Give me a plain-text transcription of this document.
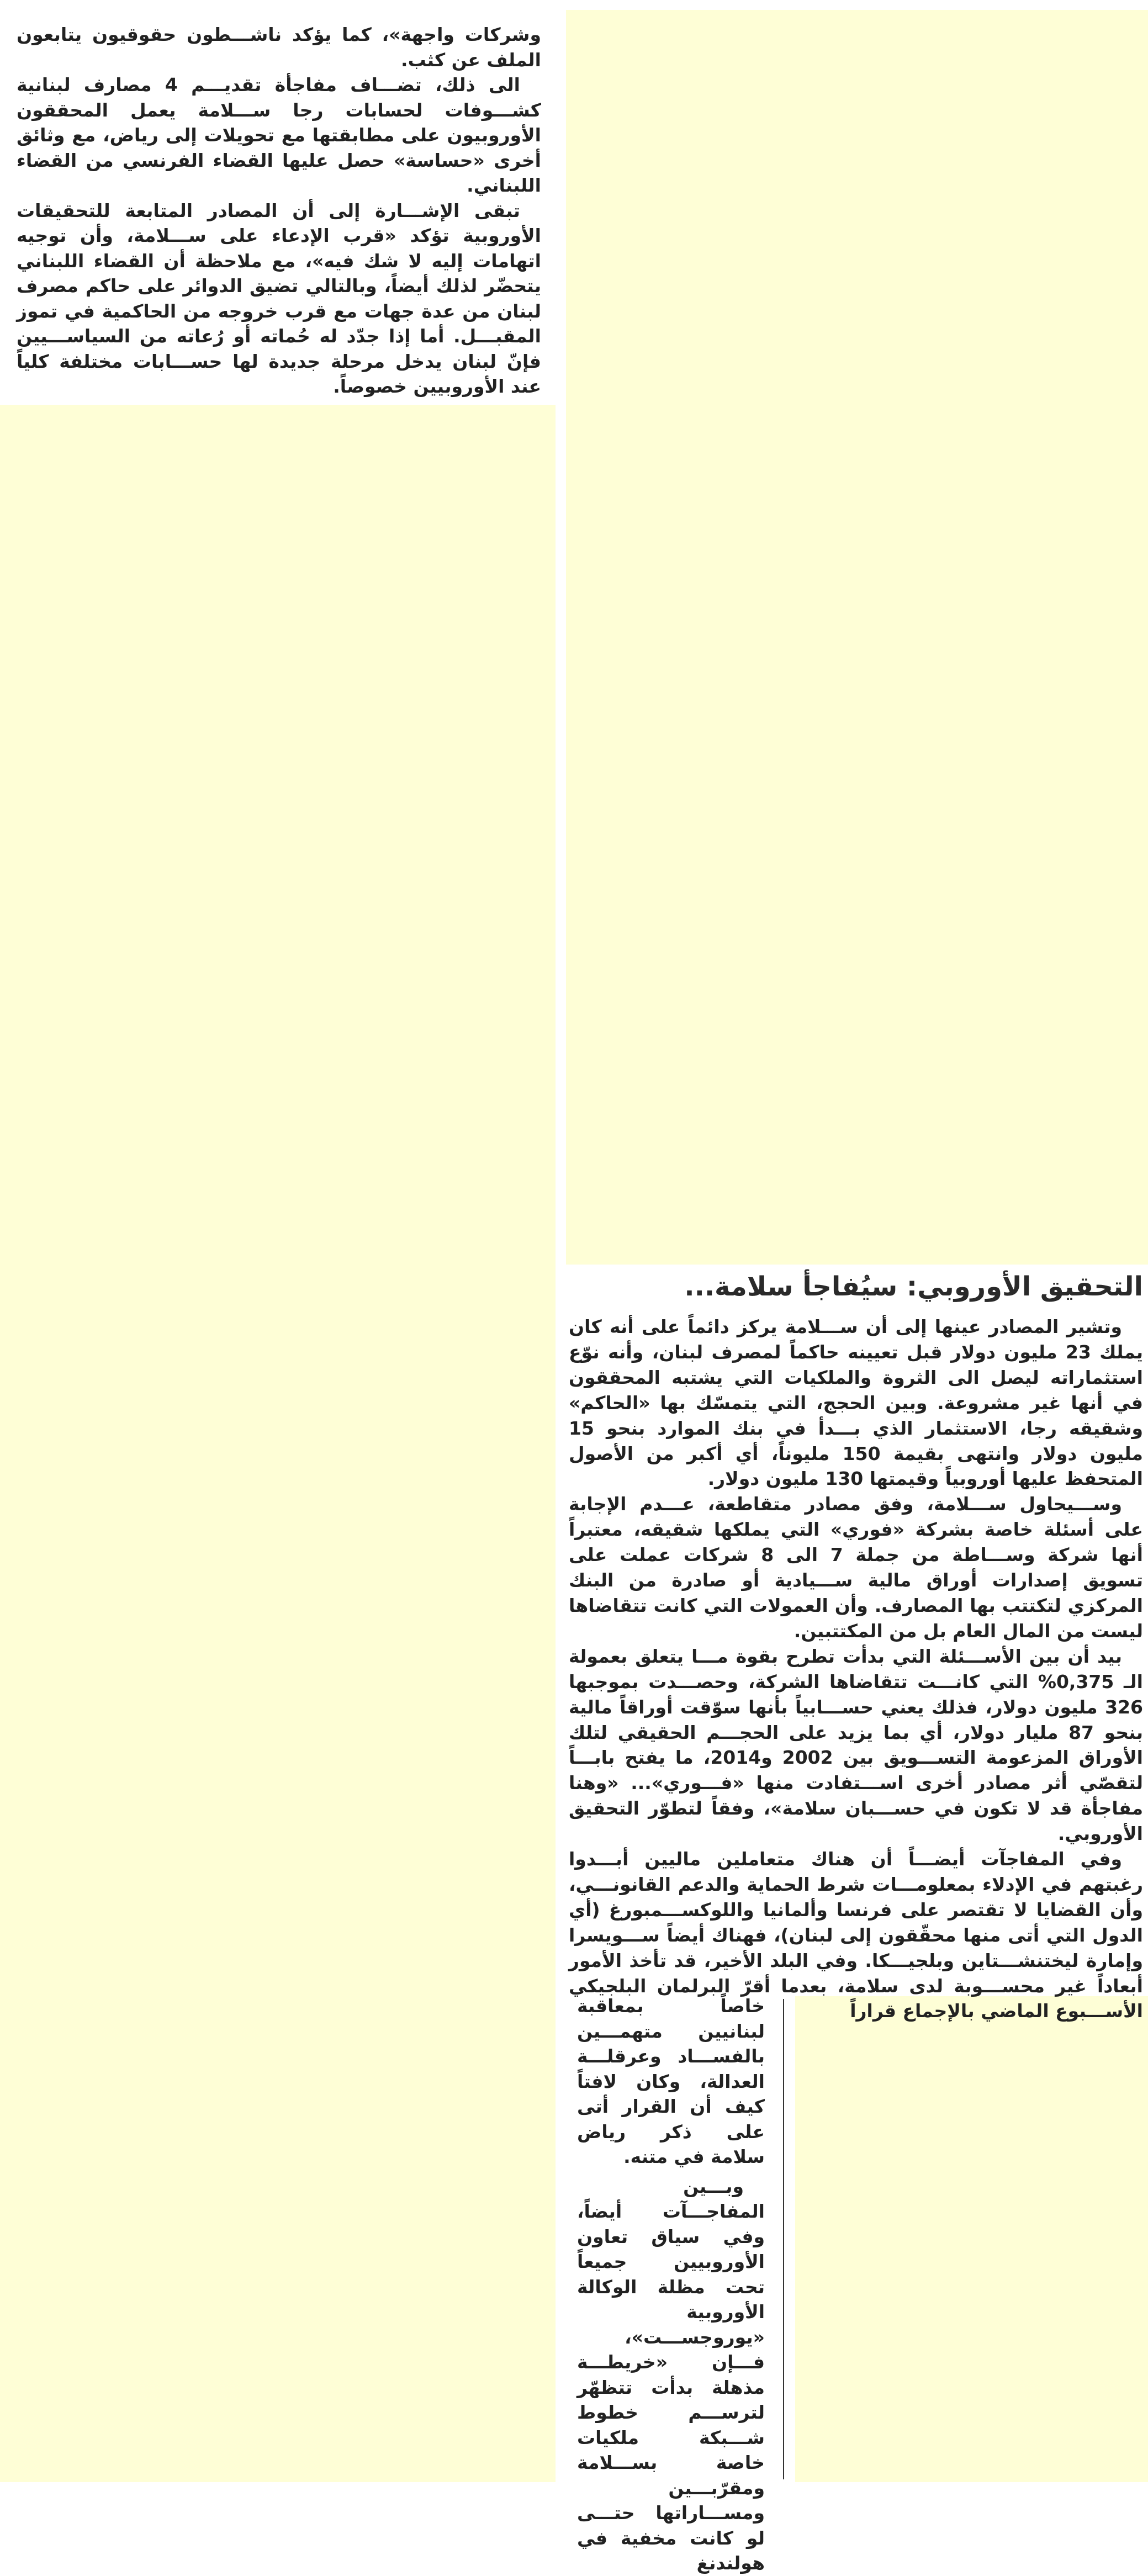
وشركات واجهة»، كما يؤكد ناشـــطون حقوقيون يتابعون الملف عن كثب.

الى ذلك، تضـــاف مفاجأة تقديـــم 4 مصارف لبنانية كشـــوفات لحسابات رجا ســـلامة يعمل المحققون الأوروبيون على مطابقتها مع تحويلات إلى رياض، مع وثائق أخرى «حساسة» حصل عليها القضاء الفرنسي من القضاء اللبناني.

تبقى الإشـــارة إلى أن المصادر المتابعة للتحقيقات الأوروبية تؤكد «قرب الإدعاء على ســـلامة، وأن توجيه اتهامات إليه لا شك فيه»، مع ملاحظة أن القضاء اللبناني يتحضّر لذلك أيضاً، وبالتالي تضيق الدوائر على حاكم مصرف لبنان من عدة جهات مع قرب خروجه من الحاكمية في تموز المقبـــل. أما إذا جدّد له حُماته أو رُعاته من السياســـيين فإنّ لبنان يدخل مرحلة جديدة لها حســـابات مختلفة كلياً عند الأوروبيين خصوصاً.

التحقيق الأوروبي: سيُفاجأ سلامة...

وتشير المصادر عينها إلى أن ســـلامة يركز دائماً على أنه كان يملك 23 مليون دولار قبل تعيينه حاكماً لمصرف لبنان، وأنه نوّع استثماراته ليصل الى الثروة والملكيات التي يشتبه المحققون في أنها غير مشروعة. وبين الحجج، التي يتمسّك بها «الحاكم» وشقيقه رجا، الاستثمار الذي بـــدأ في بنك الموارد بنحو 15 مليون دولار وانتهى بقيمة 150 مليوناً، أي أكبر من الأصول المتحفظ عليها أوروبياً وقيمتها 130 مليون دولار.

وســـيحاول ســـلامة، وفق مصادر متقاطعة، عـــدم الإجابة على أسئلة خاصة بشركة «فوري» التي يملكها شقيقه، معتبراً أنها شركة وســـاطة من جملة 7 الى 8 شركات عملت على تسويق إصدارات أوراق مالية ســـيادية أو صادرة من البنك المركزي لتكتتب بها المصارف. وأن العمولات التي كانت تتقاضاها ليست من المال العام بل من المكتتبين.

بيد أن بين الأســـئلة التي بدأت تطرح بقوة مـــا يتعلق بعمولة الـ 0,375% التي كانـــت تتقاضاها الشركة، وحصـــدت بموجبها 326 مليون دولار، فذلك يعني حســـابياً بأنها سوّقت أوراقاً مالية بنحو 87 مليار دولار، أي بما يزيد على الحجـــم الحقيقي لتلك الأوراق المزعومة التســـويق بين 2002 و2014، ما يفتح بابـــاً لتقصّي أثر مصادر أخرى اســـتفادت منها «فـــوري»... «وهنا مفاجأة قد لا تكون في حســـبان سلامة»، وفقاً لتطوّر التحقيق الأوروبي.

وفي المفاجآت أيضـــاً أن هناك متعاملين ماليين أبـــدوا رغبتهم في الإدلاء بمعلومـــات شرط الحماية والدعم القانونـــي، وأن القضايا لا تقتصر على فرنسا وألمانيا واللوكســـمبورغ (أي الدول التي أتى منها محقّقون إلى لبنان)، فهناك أيضاً ســـويسرا وإمارة ليختنشـــتاين وبلجيـــكا. وفي البلد الأخير، قد تأخذ الأمور أبعاداً غير محســـوبة لدى سلامة، بعدما أقرّ البرلمان البلجيكي الأســـبوع الماضي بالإجماع قراراً

خاصاً بمعاقبة لبنانيين متهمـــين بالفســـاد وعرقلـــة العدالة، وكان لافتاً كيف أن القرار أتى على ذكر رياض سلامة في متنه.

وبـــين المفاجـــآت أيضاً، وفي سياق تعاون الأوروبيين جميعاً تحت مظلة الوكالة الأوروبية «يوروجســـت»، فـــإن «خريطـــة مذهلة بدأت تتظهّر لترســـم خطوط شـــبكة ملكيات خاصة بســـلامة ومقرّبـــين ومســـاراتها حتـــى لو كانت مخفية في هولندنغ
